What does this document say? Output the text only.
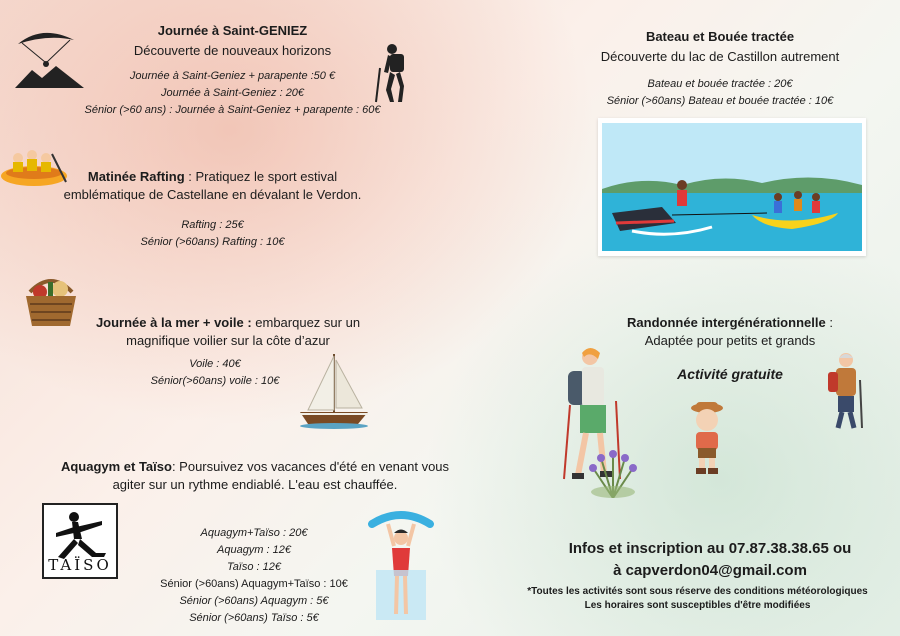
Journée à Saint-GENIEZ
Découverte de nouveaux horizons
Journée à Saint-Geniez + parapente :50 €
Journée à Saint-Geniez : 20€
Sénior (>60 ans) : Journée à Saint-Geniez + parapente : 60€
Matinée Rafting : Pratiquez le sport estival
emblématique de Castellane en dévalant le Verdon.
Rafting : 25€
Sénior (>60ans) Rafting : 10€
Journée à la mer + voile : embarquez sur un
magnifique voilier sur la côte d’azur
Voile : 40€
Sénior(>60ans) voile : 10€
Aquagym et Taïso: Poursuivez vos vacances d'été en venant vous
agiter sur un rythme endiablé. L'eau est chauffée.
TAÏSO
Aquagym+Taïso : 20€
Aquagym : 12€
Taïso : 12€
Sénior (>60ans) Aquagym+Taïso : 10€
Sénior (>60ans) Aquagym : 5€
Sénior (>60ans) Taïso : 5€
Bateau et Bouée tractée
Découverte du lac de Castillon autrement
Bateau et bouée tractée : 20€
Sénior (>60ans) Bateau et bouée tractée : 10€
Randonnée intergénérationnelle :
Adaptée pour petits et grands
Activité gratuite
Infos et inscription au 07.87.38.38.65 ou
à capverdon04@gmail.com
*Toutes les activités sont sous réserve des conditions météorologiques
Les horaires sont susceptibles d'être modifiées
